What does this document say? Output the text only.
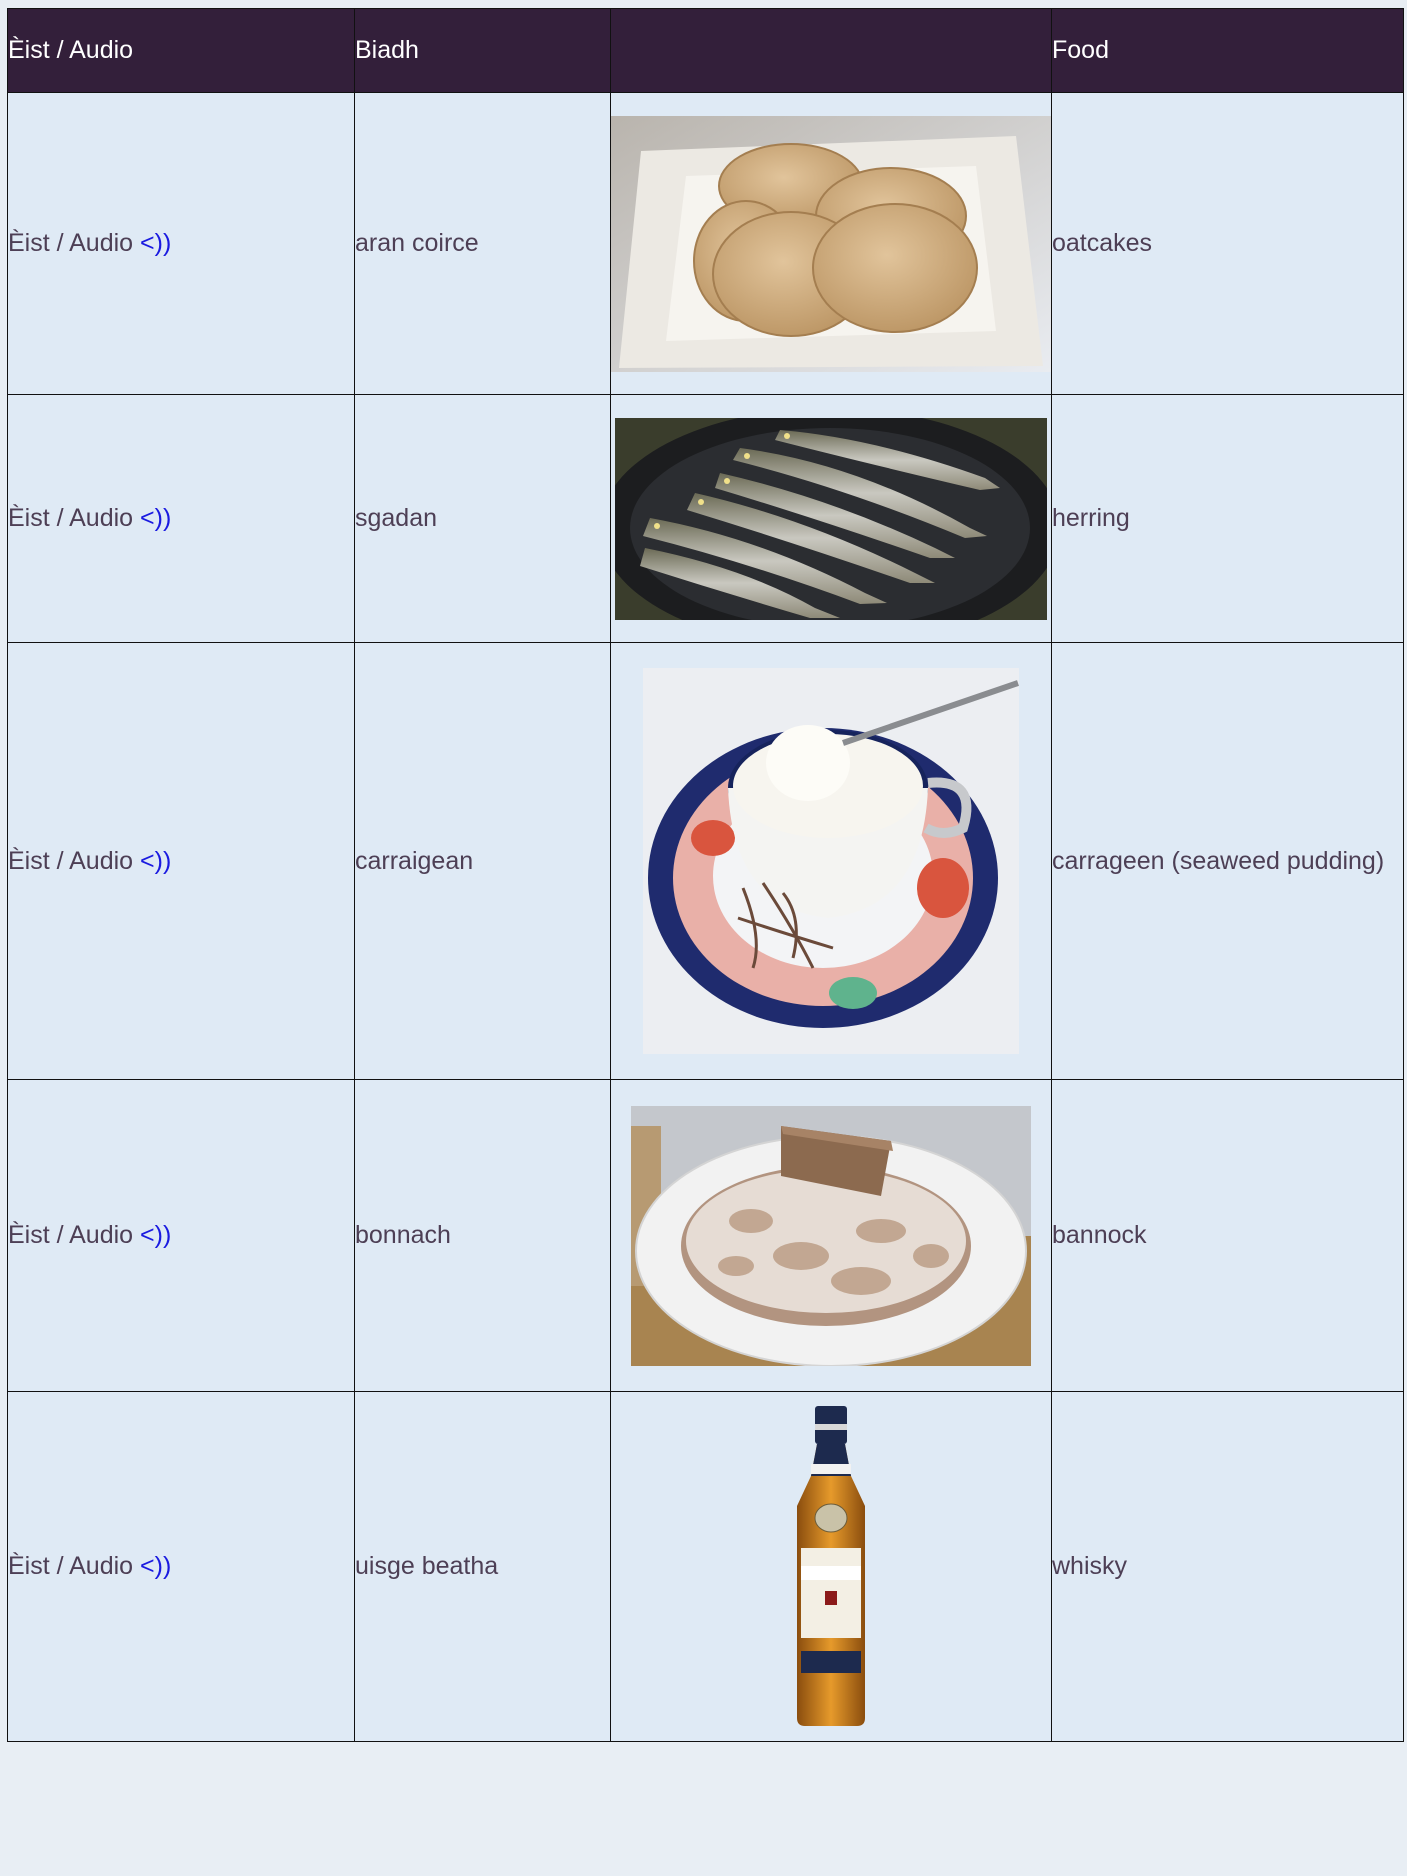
Èist / Audio	Biadh		Food
Èist / Audio <))	aran coirce		oatcakes
Èist / Audio <))	sgadan		herring
Èist / Audio <))	carraigean		carrageen (seaweed pudding)
Èist / Audio <))	bonnach		bannock
Èist / Audio <))	uisge beatha		whisky
